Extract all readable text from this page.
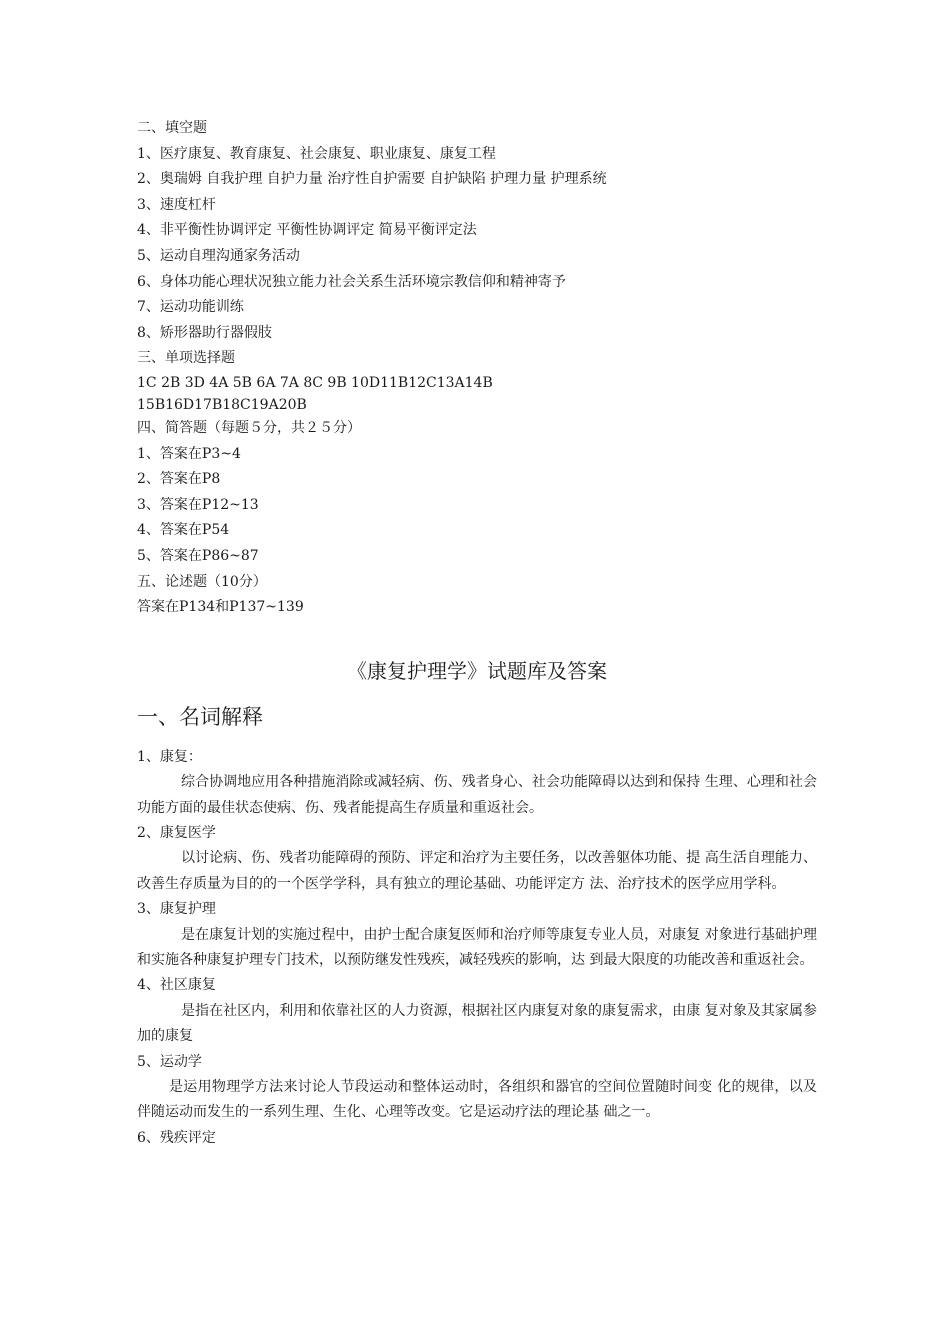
二、填空题
1、医疗康复、教育康复、社会康复、职业康复、康复工程
2、奥瑞姆 自我护理 自护力量 治疗性自护需要 自护缺陷 护理力量 护理系统
3、速度杠杆
4、非平衡性协调评定 平衡性协调评定 简易平衡评定法
5、运动自理沟通家务活动
6、身体功能心理状况独立能力社会关系生活环境宗教信仰和精神寄予
7、运动功能训练
8、矫形器助行器假肢
三、单项选择题
1C 2B 3D 4A 5B 6A 7A 8C 9B 10D11B12C13A14B
15B16D17B18C19A20B
四、简答题（每题５分，共２５分）
1、答案在P3~4
2、答案在P8
3、答案在P12~13
4、答案在P54
5、答案在P86~87
五、论述题（10分）
答案在P134和P137~139
《康复护理学》试题库及答案
一、名词解释
1、康复：
综合协调地应用各种措施消除或减轻病、伤、残者身心、社会功能障碍以达到和保持 生理、心理和社会功能方面的最佳状态使病、伤、残者能提高生存质量和重返社会。
2、康复医学
以讨论病、伤、残者功能障碍的预防、评定和治疗为主要任务，以改善躯体功能、提 高生活自理能力、改善生存质量为目的的一个医学学科，具有独立的理论基础、功能评定方 法、治疗技术的医学应用学科。
3、康复护理
是在康复计划的实施过程中，由护士配合康复医师和治疗师等康复专业人员，对康复 对象进行基础护理和实施各种康复护理专门技术，以预防继发性残疾，减轻残疾的影响，达 到最大限度的功能改善和重返社会。
4、社区康复
是指在社区内，利用和依靠社区的人力资源，根据社区内康复对象的康复需求，由康 复对象及其家属参加的康复
5、运动学
是运用物理学方法来讨论人节段运动和整体运动时，各组织和器官的空间位置随时间变 化的规律，以及伴随运动而发生的一系列生理、生化、心理等改变。它是运动疗法的理论基 础之一。
6、残疾评定
